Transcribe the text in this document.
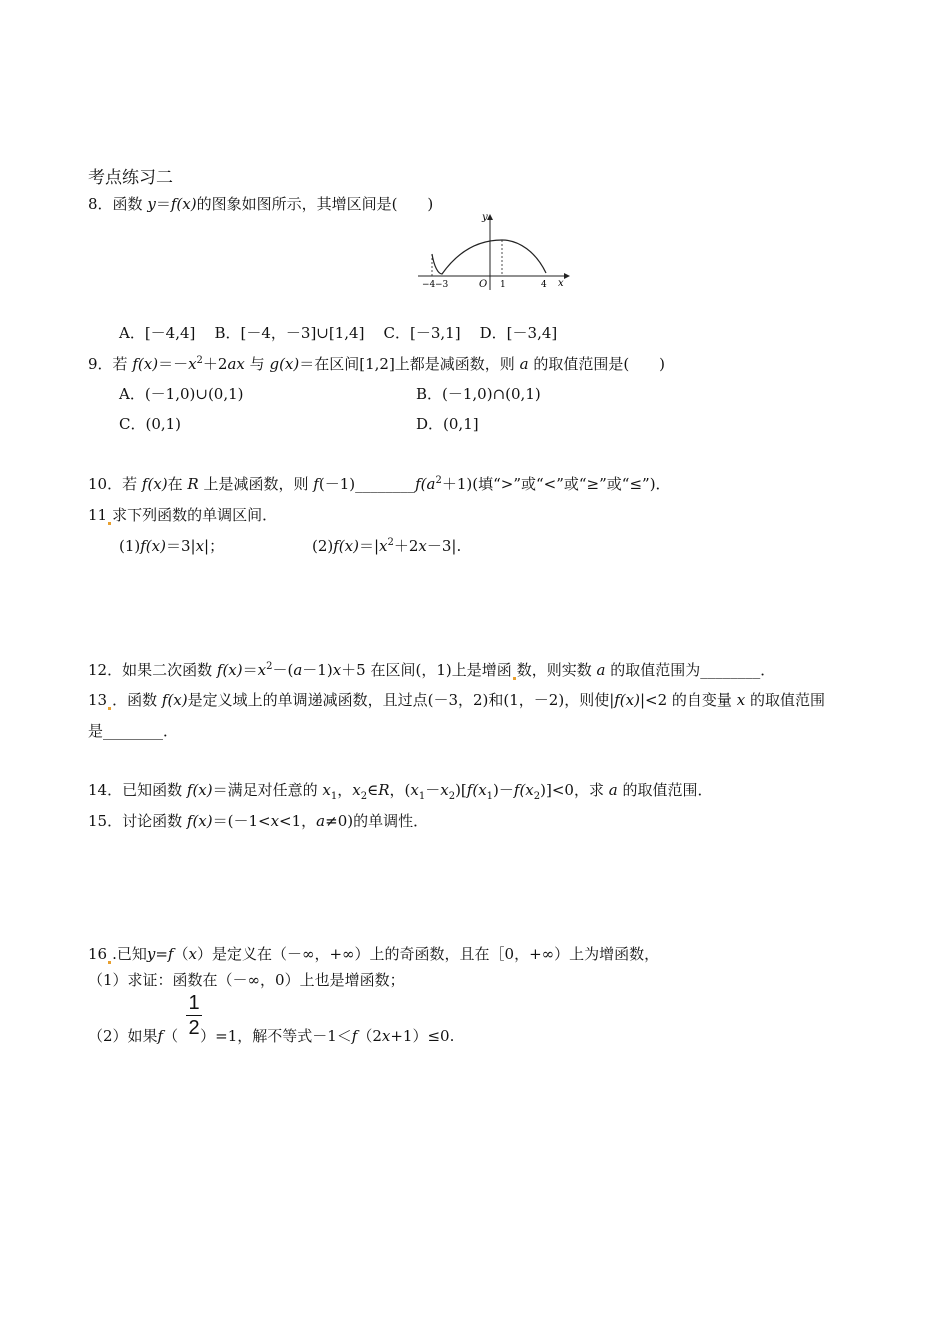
考点练习二
8．函数 y＝f(x)的图象如图所示，其增区间是(　　)
y
x
O
−4 −3	1	4
A．[－4,4] B．[－4，－3]∪[1,4] C．[－3,1] D．[－3,4]
9．若 $f(x)=-x^2+2ax$ 与 g(x)＝在区间[1,2]上都是减函数，则 a 的取值范围是(　　)
A．(－1,0)∪(0,1)	B．(－1,0)∩(0,1)
C．(0,1)	D．(0,1]
10．若 f(x)在 R 上是减函数，则 $f(-1)\_\_\_\_\_\_\_\_f(a^2+1)$(填“>”或“<”或“≥”或“≤”)．
11 求下列函数的单调区间．
(1)f(x)＝3|x|；	$(2)f(x)=|x^2+2x-3|$.
12．如果二次函数 $f(x)=x^2-(a-1)x+5$ 在区间(，1)上是增函 数，则实数 a 的取值范围为________．
13 ．函数 f(x)是定义域上的单调递减函数，且过点(－3，2)和(1，－2)，则使|f(x)|<2 的自变量 x 的取值范围
是________．
14．已知函数 f(x)＝满足对任意的 $x_1$，$x_2\in R$，$(x_1-x_2)[f(x_1)-f(x_2)]<0$，求 a 的取值范围．
15．讨论函数 f(x)＝(－1<x<1，a≠0)的单调性．
16 .已知y=f（x）是定义在（－∞，+∞）上的奇函数，且在［0，+∞）上为增函数，
（1）求证：函数在（－∞，0）上也是增函数；
1
2
（2）如果f（ ）=1，解不等式－1＜f（2x+1）≤0.
